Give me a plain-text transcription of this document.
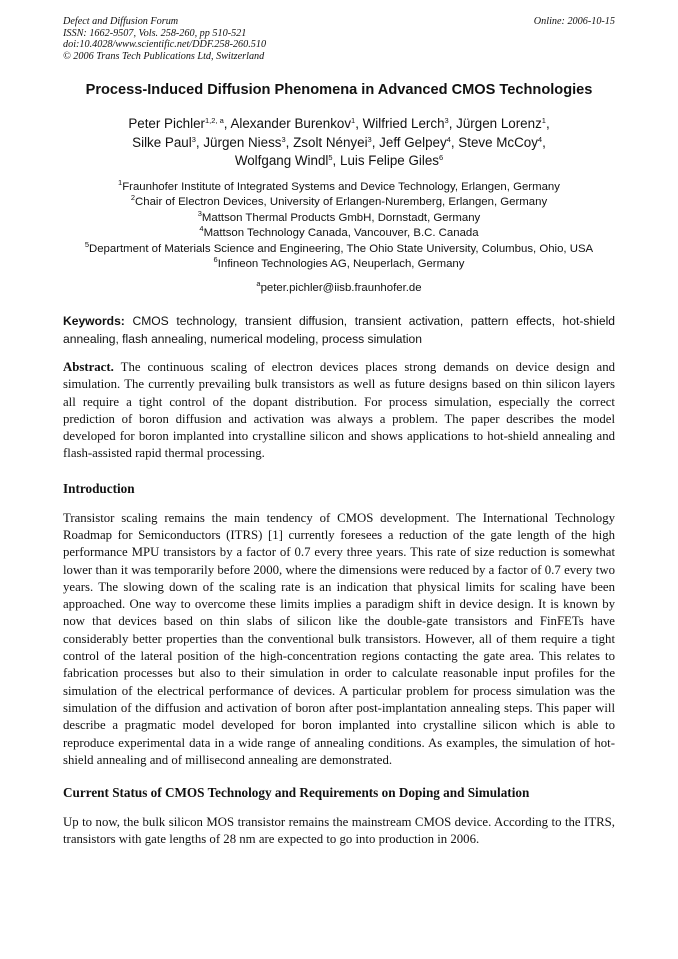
Defect and Diffusion Forum
ISSN: 1662-9507, Vols. 258-260, pp 510-521
doi:10.4028/www.scientific.net/DDF.258-260.510
© 2006 Trans Tech Publications Ltd, Switzerland
Online: 2006-10-15
Process-Induced Diffusion Phenomena in Advanced CMOS Technologies
Peter Pichler$^{1,2, a}$, Alexander Burenkov$^1$, Wilfried Lerch$^3$, Jürgen Lorenz$^1$,
Silke Paul$^3$, Jürgen Niess$^3$, Zsolt Nényei$^3$, Jeff Gelpey$^4$, Steve McCoy$^4$,
Wolfgang Windl$^5$, Luis Felipe Giles$^6$
$^1$Fraunhofer Institute of Integrated Systems and Device Technology, Erlangen, Germany
$^2$Chair of Electron Devices, University of Erlangen-Nuremberg, Erlangen, Germany
$^3$Mattson Thermal Products GmbH, Dornstadt, Germany
$^4$Mattson Technology Canada, Vancouver, B.C. Canada
$^5$Department of Materials Science and Engineering, The Ohio State University, Columbus, Ohio, USA
$^6$Infineon Technologies AG, Neuperlach, Germany
$^a$peter.pichler@iisb.fraunhofer.de
Keywords: CMOS technology, transient diffusion, transient activation, pattern effects, hot-shield annealing, flash annealing, numerical modeling, process simulation
Abstract. The continuous scaling of electron devices places strong demands on device design and simulation. The currently prevailing bulk transistors as well as future designs based on thin silicon layers all require a tight control of the dopant distribution. For process simulation, especially the correct prediction of boron diffusion and activation was always a problem. The paper describes the model developed for boron implanted into crystalline silicon and shows applications to hot-shield annealing and flash-assisted rapid thermal processing.
Introduction
Transistor scaling remains the main tendency of CMOS development. The International Technology Roadmap for Semiconductors (ITRS) [1] currently foresees a reduction of the gate length of the high performance MPU transistors by a factor of 0.7 every three years. This rate of size reduction is somewhat lower than it was temporarily before 2000, where the dimensions were reduced by a factor of 0.7 every two years. The slowing down of the scaling rate is an indication that physical limits for scaling have been approached. One way to overcome these limits implies a paradigm shift in device design. It is known by now that devices based on thin slabs of silicon like the double-gate transistors and FinFETs have considerably better properties than the conventional bulk transistors. However, all of them require a tight control of the lateral position of the high-concentration regions contacting the gate area. This relates to fabrication processes but also to their simulation in order to calculate reasonable input profiles for the simulation of the electrical performance of devices. A particular problem for process simulation was the simulation of the diffusion and activation of boron after post-implantation annealing steps. This paper will describe a pragmatic model developed for boron implanted into crystalline silicon which is able to reproduce experimental data in a wide range of annealing conditions. As examples, the simulation of hot-shield annealing and of millisecond annealing are demonstrated.
Current Status of CMOS Technology and Requirements on Doping and Simulation
Up to now, the bulk silicon MOS transistor remains the mainstream CMOS device. According to the ITRS, transistors with gate lengths of 28 nm are expected to go into production in 2006.
